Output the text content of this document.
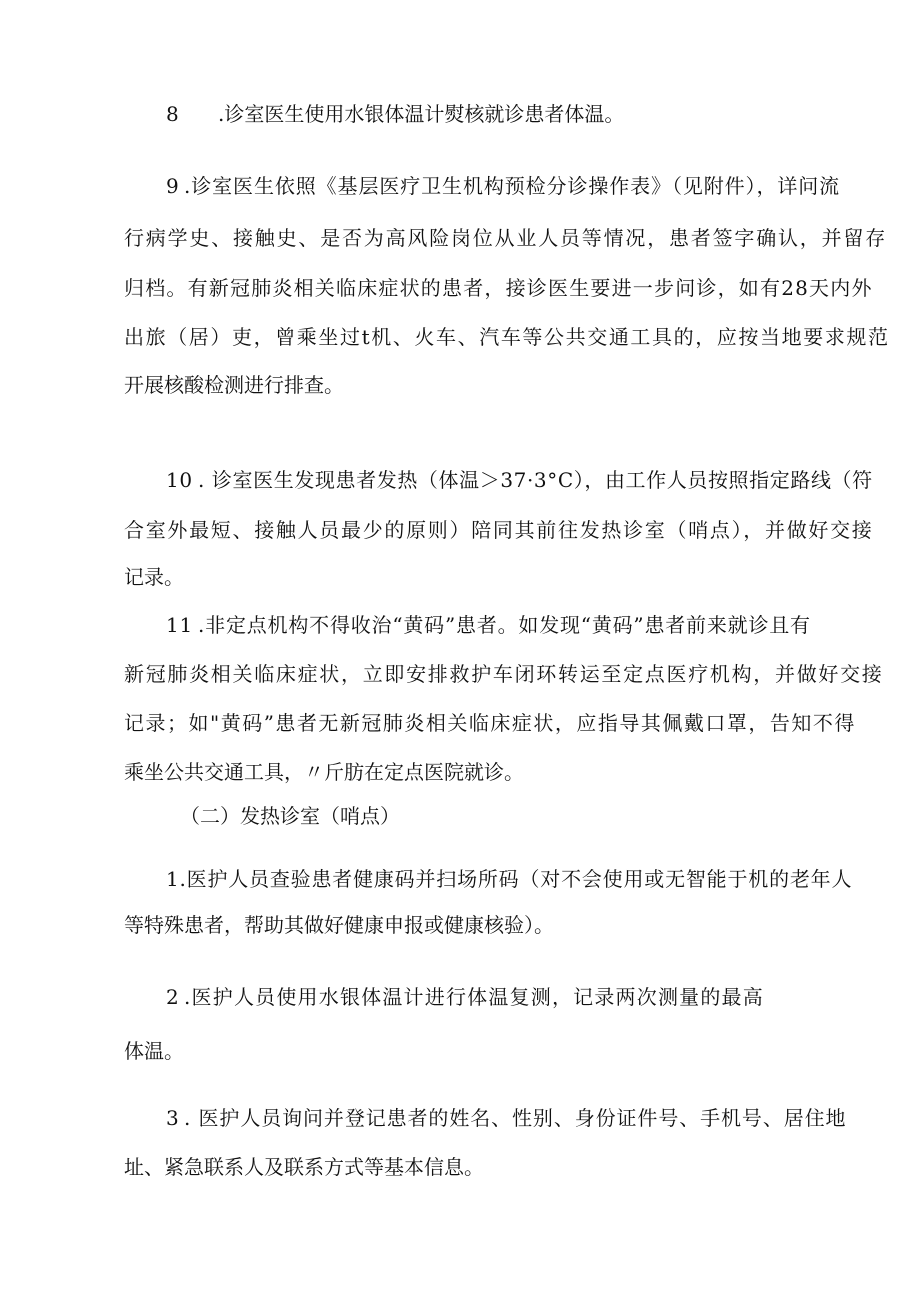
8 .诊室医生使用水银体温计熨核就诊患者体温。
9 .诊室医生依照《基层医疗卫生机构预检分诊操作表》（见附件），详问流
行病学史、接触史、是否为高风险岗位从业人员等情况，患者签字确认，并留存
归档。有新冠肺炎相关临床症状的患者，接诊医生要进一步问诊，如有28天内外
出旅（居）吏，曾乘坐过t机、火车、汽车等公共交通工具的，应按当地要求规范
开展核酸检测进行排查。
10 . 诊室医生发现患者发热（体温＞37·3°C），由工作人员按照指定路线（符
合室外最短、接触人员最少的原则）陪同其前往发热诊室（哨点），并做好交接
记录。
11 .非定点机构不得收治“黄码”患者。如发现“黄码”患者前来就诊且有
新冠肺炎相关临床症状，立即安排救护车闭环转运至定点医疗机构，并做好交接
记录；如"黄码”患者无新冠肺炎相关临床症状，应指导其佩戴口罩，告知不得
乘坐公共交通工具，〃斤肪在定点医院就诊。
（二）发热诊室（哨点）
1.医护人员查验患者健康码并扫场所码（对不会使用或无智能于机的老年人
等特殊患者，帮助其做好健康申报或健康核验）。
2 .医护人员使用水银体温计进行体温复测，记录两次测量的最高
体温。
3 . 医护人员询问并登记患者的姓名、性别、身份证件号、手机号、居住地
址、紧急联系人及联系方式等基本信息。
